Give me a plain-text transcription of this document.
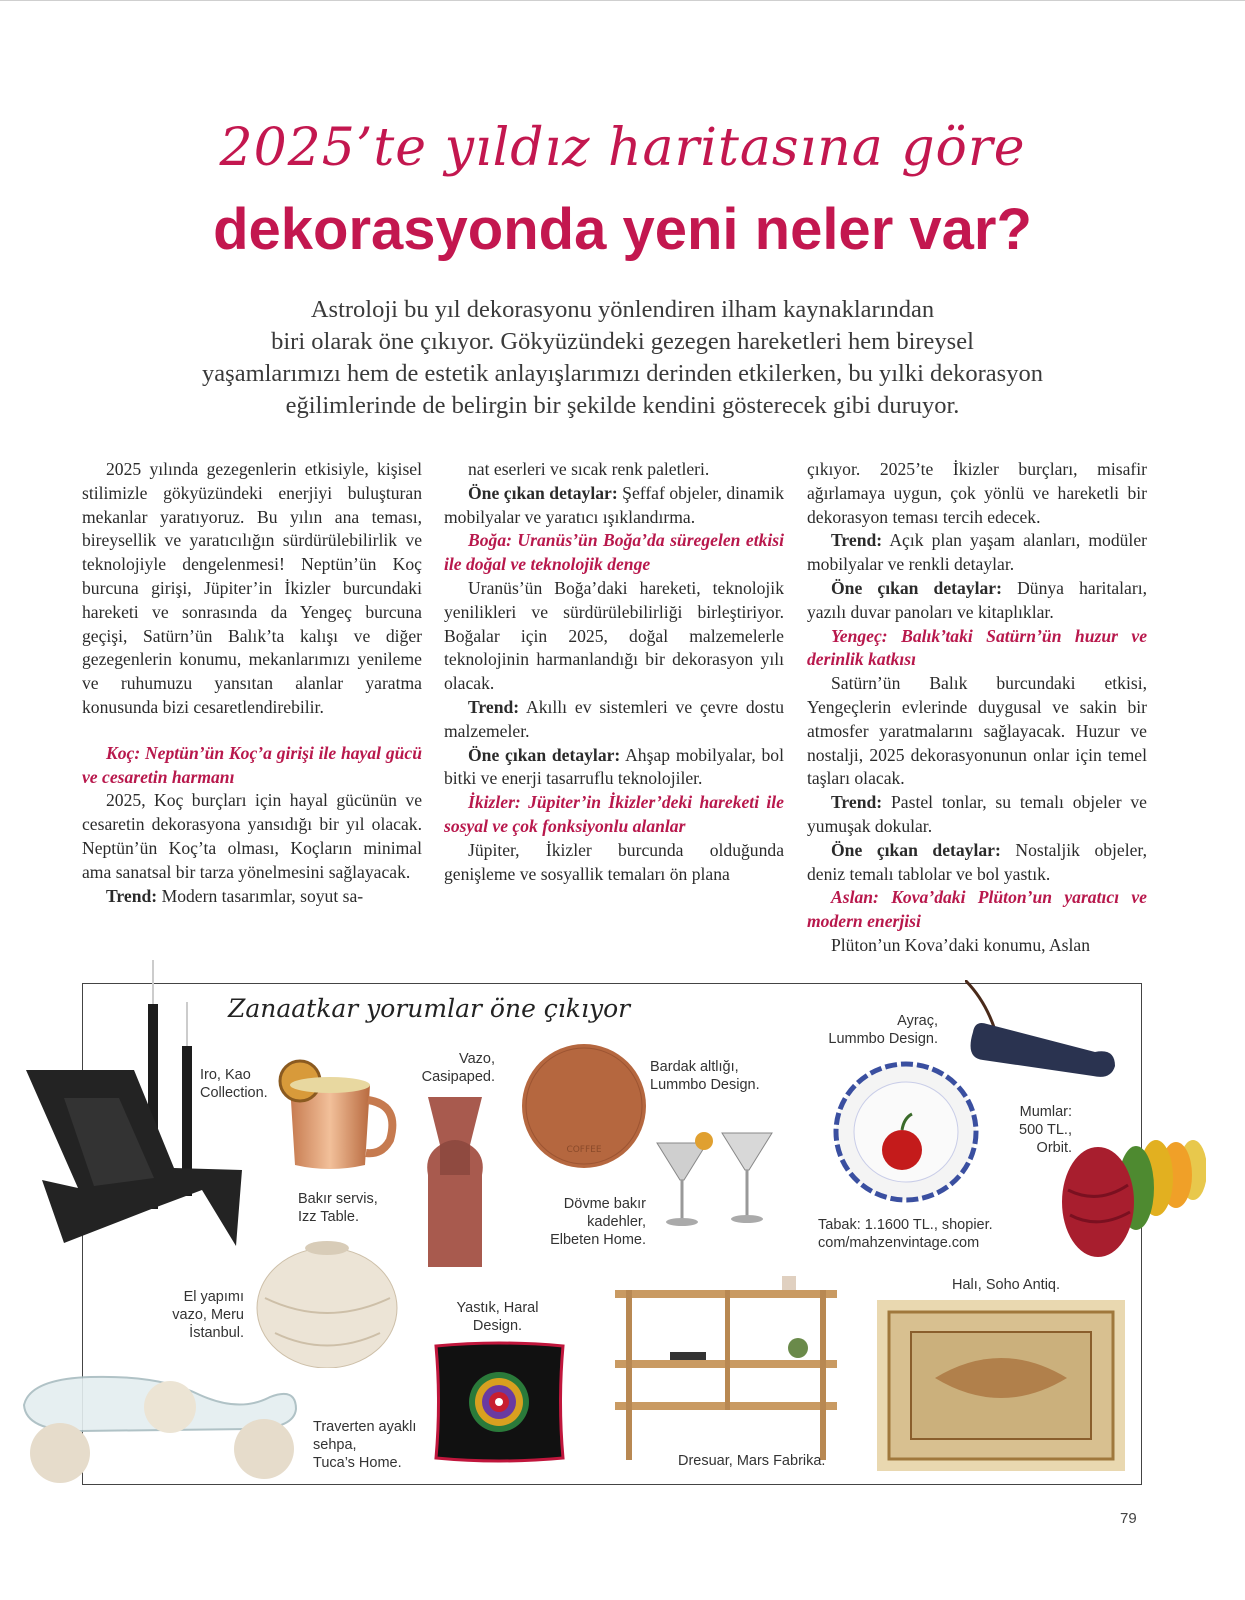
2025’te yıldız haritasına göre
dekorasyonda yeni neler var?
Astroloji bu yıl dekorasyonu yönlendiren ilham kaynaklarından
biri olarak öne çıkıyor. Gökyüzündeki gezegen hareketleri hem bireysel
yaşamlarımızı hem de estetik anlayışlarımızı derinden etkilerken, bu yılki dekorasyon
eğilimlerinde de belirgin bir şekilde kendini gösterecek gibi duruyor.

2025 yılında gezegenlerin etkisiyle, kişisel stilimizle gökyüzündeki enerjiyi buluşturan mekanlar yaratıyoruz. Bu yılın ana teması, bireysellik ve yaratıcılığın sürdürülebilirlik ve teknolojiyle dengelenmesi! Neptün’ün Koç burcuna girişi, Jüpiter’in İkizler burcundaki hareketi ve sonrasında da Yengeç burcuna geçişi, Satürn’ün Balık’ta kalışı ve diğer gezegenlerin konumu, mekanlarımızı yenileme ve ruhumuzu yansıtan alanlar yaratma konusunda bizi cesaretlendirebilir.

Koç: Neptün’ün Koç’a girişi ile hayal gücü ve cesaretin harmanı

2025, Koç burçları için hayal gücünün ve cesaretin dekorasyona yansıdığı bir yıl olacak. Neptün’ün Koç’ta olması, Koçların minimal ama sanatsal bir tarza yönelmesini sağlayacak.

Trend: Modern tasarımlar, soyut sa-

nat eserleri ve sıcak renk paletleri.

Öne çıkan detaylar: Şeffaf objeler, dinamik mobilyalar ve yaratıcı ışıklandırma.

Boğa: Uranüs’ün Boğa’da süregelen etkisi ile doğal ve teknolojik denge

Uranüs’ün Boğa’daki hareketi, teknolojik yenilikleri ve sürdürülebilirliği birleştiriyor. Boğalar için 2025, doğal malzemelerle teknolojinin harmanlandığı bir dekorasyon yılı olacak.

Trend: Akıllı ev sistemleri ve çevre dostu malzemeler.

Öne çıkan detaylar: Ahşap mobilyalar, bol bitki ve enerji tasarruflu teknolojiler.

İkizler: Jüpiter’in İkizler’deki hareketi ile sosyal ve çok fonksiyonlu alanlar

Jüpiter, İkizler burcunda olduğunda genişleme ve sosyallik temaları ön plana

çıkıyor. 2025’te İkizler burçları, misafir ağırlamaya uygun, çok yönlü ve hareketli bir dekorasyon teması tercih edecek.

Trend: Açık plan yaşam alanları, modüler mobilyalar ve renkli detaylar.

Öne çıkan detaylar: Dünya haritaları, yazılı duvar panoları ve kitaplıklar.

Yengeç: Balık’taki Satürn’ün huzur ve derinlik katkısı

Satürn’ün Balık burcundaki etkisi, Yengeçlerin evlerinde duygusal ve sakin bir atmosfer yaratmalarını sağlayacak. Huzur ve nostalji, 2025 dekorasyonunun onlar için temel taşları olacak.

Trend: Pastel tonlar, su temalı objeler ve yumuşak dokular.

Öne çıkan detaylar: Nostaljik objeler, deniz temalı tablolar ve bol yastık.

Aslan: Kova’daki Plüton’un yaratıcı ve modern enerjisi

Plüton’un Kova’daki konumu, Aslan

Zanaatkar yorumlar öne çıkıyor
COFFEE
Iro, Kao
Collection.
Bakır servis,
Izz Table.
Vazo,
Casipaped.
Bardak altlığı,
Lummbo Design.
Ayraç,
Lummbo Design.
Mumlar:
500 TL.,
Orbit.
Dövme bakır
kadehler,
Elbeten Home.
Tabak: 1.1600 TL., shopier.
com/mahzenvintage.com
El yapımı
vazo, Meru
İstanbul.
Yastık, Haral
Design.
Halı, Soho Antiq.
Traverten ayaklı
sehpa,
Tuca’s Home.	Dresuar, Mars Fabrika.
79
